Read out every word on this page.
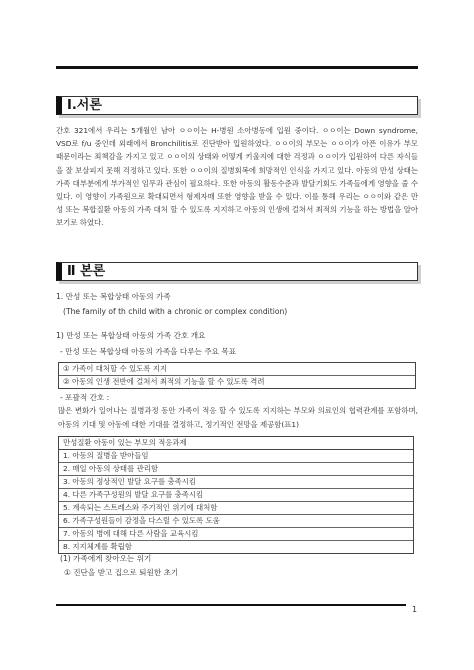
Ⅰ.서론
간호 321에서 우리는 5개월인 남아 ㅇㅇ이는 H-병원 소아병동에 입원 중이다. ㅇㅇ이는 Down syndrome, VSD로 f/u 중인데 외래에서 Bronchilitis로 진단받아 입원하였다. ㅇㅇ이의 부모는 ㅇㅇ이가 아픈 이유가 부모 때문이라는 죄책감을 가지고 있고 ㅇㅇ이의 상태와 어떻게 키울지에 대한 걱정과 ㅇㅇ이가 입원하여 다른 자식들을 잘 보살피지 못해 걱정하고 있다. 또한 ㅇㅇ이의 질병회복에 희망적인 인식을 가지고 있다. 아동의 만성 상태는 가족 대부분에게 부가적인 임무과 관심이 필요하다. 또한 아동의 활동수준과 발달기회도 가족들에게 영향을 줄 수 있다. 이 영향이 가족원으로 확대되면서 형제자매 또한 영향을 받을 수 있다. 이를 통해 우리는 ㅇㅇ이와 같은 만성 또는 복합질환 아동의 가족 대처 할 수 있도록 지지하고 아동의 인생에 걸쳐서 최적의 기능을 하는 방법을 알아보기로 하였다.
Ⅱ 본론
1. 만성 또는 복합상태 아동의 가족
(The family of th child with a chronic or complex condition)
1) 만성 또는 복합상태 아동의 가족 간호 개요
- 만성 또는 복합상태 아동의 가족을 다루는 주요 목표
① 가족이 대처할 수 있도록 지지
② 아동의 인생 전반에 걸쳐서 최적의 기능을 할 수 있도록 격려
- 포괄적 간호 :
많은 변화가 일어나는 질병과정 동안 가족이 적응 할 수 있도록 지지하는 부모와 의료인의 협력관계를 포함하며, 아동의 기대 및 아동에 대한 기대를 결정하고, 정기적인 전망을 제공함(표1)
만성질환 아동이 있는 부모의 적응과제
1. 아동의 질병을 받아들임
2. 매일 아동의 상태를 관리함
3. 아동의 정상적인 발달 요구를 충족시킴
4. 다른 가족구성원의 발달 요구를 충족시킴
5. 계속되는 스트레스와 주기적인 위기에 대처함
6. 가족구성원들이 감정을 다스릴 수 있도록 도움
7. 아동의 병에 대해 다른 사람을 교육시킴
8. 지지체계를 확립함
(1) 가족에게 찾아오는 위기
① 진단을 받고 집으로 퇴원한 초기
1
